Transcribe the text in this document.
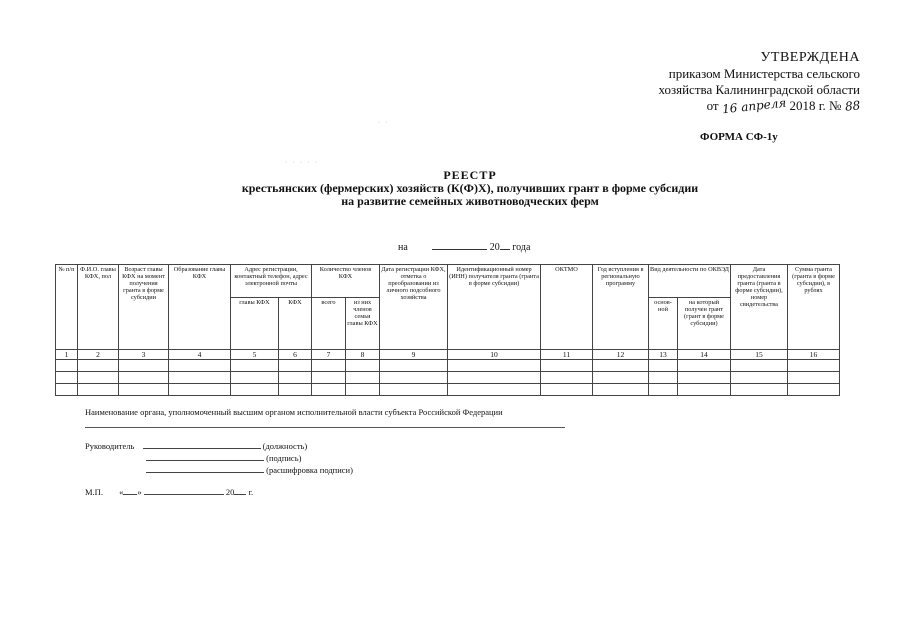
УТВЕРЖДЕНА
приказом Министерства сельского
хозяйства Калининградской области
от 16 апреля 2018 г. № 88
ФОРМА СФ-1у
· ·
· · · · ·
РЕЕСТР
крестьянских (фермерских) хозяйств (К(Ф)Х), получивших грант в форме субсидии
на развитие семейных животноводческих ферм
на	20 года
№ п/п	Ф.И.О. главы КФХ, пол	Возраст главы КФХ на момент получения гранта в форме субсидии	Образование главы КФХ	Адрес регистрации, контактный телефон, адрес электронной почты		Количество членов КФХ		Дата регистрации КФХ, отметка о преобразовании из личного подсобного хозяйства	Идентификационный номер (ИНН) получателя гранта (гранта в форме субсидии)	ОКТМО	Год вступления в региональную программу	Вид деятельности по ОКВЭД		Дата предоставления гранта (гранта в форме субсидии), номер свидетельства	Сумма гранта (гранта в форме субсидии), в рублях
				главы КФХ	КФХ	всего	из них членов семьи главы КФХ					основ-ной	на который получен грант (грант в форме субсидии)		
1	2	3	4	5	6	7	8	9	10	11	12	13	14	15	16

Наименование органа, уполномоченный высшим органом исполнительной власти субъекта Российской Федерации
Руководитель	(должность)
(подпись)
(расшифровка подписи)
М.П. « »	20 г.
